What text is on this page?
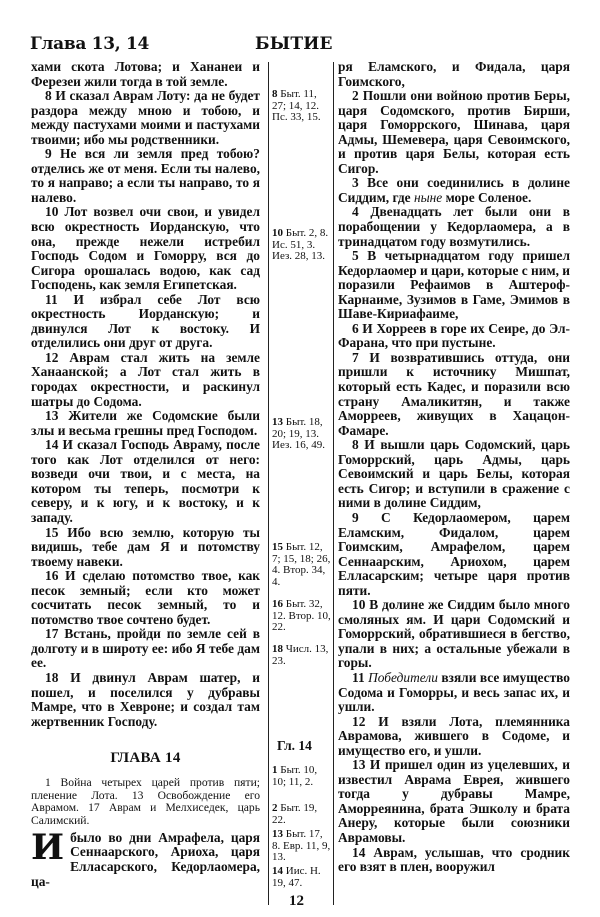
Глава 13, 14	БЫТИЕ

хами скота Лотова; и Хананеи и Ферезеи жили тогда в той земле.

8 И сказал Аврам Лоту: да не будет раздора между мною и тобою, и между пастухами моими и пастухами твоими; ибо мы родственники.

9 Не вся ли земля пред тобою? отделись же от меня. Если ты налево, то я направо; а если ты направо, то я налево.

10 Лот возвел очи свои, и увидел всю окрестность Иорданскую, что она, прежде нежели истребил Господь Содом и Гоморру, вся до Сигора орошалась водою, как сад Господень, как земля Египетская.

11 И избрал себе Лот всю окрестность Иорданскую; и двинулся Лот к востоку. И отделились они друг от друга.

12 Аврам стал жить на земле Ханаанской; а Лот стал жить в городах окрестности, и раскинул шатры до Содома.

13 Жители же Содомские были злы и весьма грешны пред Господом.

14 И сказал Господь Авраму, после того как Лот отделился от него: возведи очи твои, и с места, на котором ты теперь, посмотри к северу, и к югу, и к востоку, и к западу.

15 Ибо всю землю, которую ты видишь, тебе дам Я и потомству твоему навеки.

16 И сделаю потомство твое, как песок земный; если кто может сосчитать песок земный, то и потомство твое сочтено будет.

17 Встань, пройди по земле сей в долготу и в широту ее: ибо Я тебе дам ее.

18 И двинул Аврам шатер, и пошел, и поселился у дубравы Мамре, что в Хевроне; и создал там жертвенник Господу.

ГЛАВА 14

1 Война четырех царей против пяти; пленение Лота. 13 Освобождение его Аврамом. 17 Аврам и Мелхиседек, царь Салимский.

И было во дни Амрафела, царя Сеннаарского, Ариоха, царя Елласарского, Кедорлаомера, ца-
8 Быт. 11, 27; 14, 12. Пс. 33, 15.
10 Быт. 2, 8. Ис. 51, 3. Иез. 28, 13.
13 Быт. 18, 20; 19, 13. Иез. 16, 49.
15 Быт. 12, 7; 15, 18; 26, 4. Втор. 34, 4.
16 Быт. 32, 12. Втор. 10, 22.
18 Числ. 13, 23.
Гл. 14
1 Быт. 10, 10; 11, 2.
2 Быт. 19, 22.
13 Быт. 17, 8. Евр. 11, 9, 13.
14 Иис. Н. 19, 47.

ря Еламского, и Фидала, царя Гоимского,

2 Пошли они войною против Беры, царя Содомского, против Бирши, царя Гоморрского, Шинава, царя Адмы, Шемевера, царя Севоимского, и против царя Белы, которая есть Сигор.

3 Все они соединились в долине Сиддим, где ныне море Соленое.

4 Двенадцать лет были они в порабощении у Кедорлаомера, а в тринадцатом году возмутились.

5 В четырнадцатом году пришел Кедорлаомер и цари, которые с ним, и поразили Рефаимов в Аштероф-Карнаиме, Зузимов в Гаме, Эмимов в Шаве-Кириафаиме,

6 И Хорреев в горе их Сеире, до Эл-Фарана, что при пустыне.

7 И возвратившись оттуда, они пришли к источнику Мишпат, который есть Кадес, и поразили всю страну Амаликитян, и также Аморреев, живущих в Хацацон-Фамаре.

8 И вышли царь Содомский, царь Гоморрский, царь Адмы, царь Севоимский и царь Белы, которая есть Сигор; и вступили в сражение с ними в долине Сиддим,

9 С Кедорлаомером, царем Еламским, Фидалом, царем Гоимским, Амрафелом, царем Сеннаарским, Ариохом, царем Елласарским; четыре царя против пяти.

10 В долине же Сиддим было много смоляных ям. И цари Содомский и Гоморрский, обратившиеся в бегство, упали в них; а остальные убежали в горы.

11 Победители взяли все имущество Содома и Гоморры, и весь запас их, и ушли.

12 И взяли Лота, племянника Аврамова, жившего в Содоме, и имущество его, и ушли.

13 И пришел один из уцелевших, и известил Аврама Еврея, жившего тогда у дубравы Мамре, Аморреянина, брата Эшколу и брата Анеру, которые были союзники Аврамовы.

14 Аврам, услышав, что сродник его взят в плен, вооружил

12
